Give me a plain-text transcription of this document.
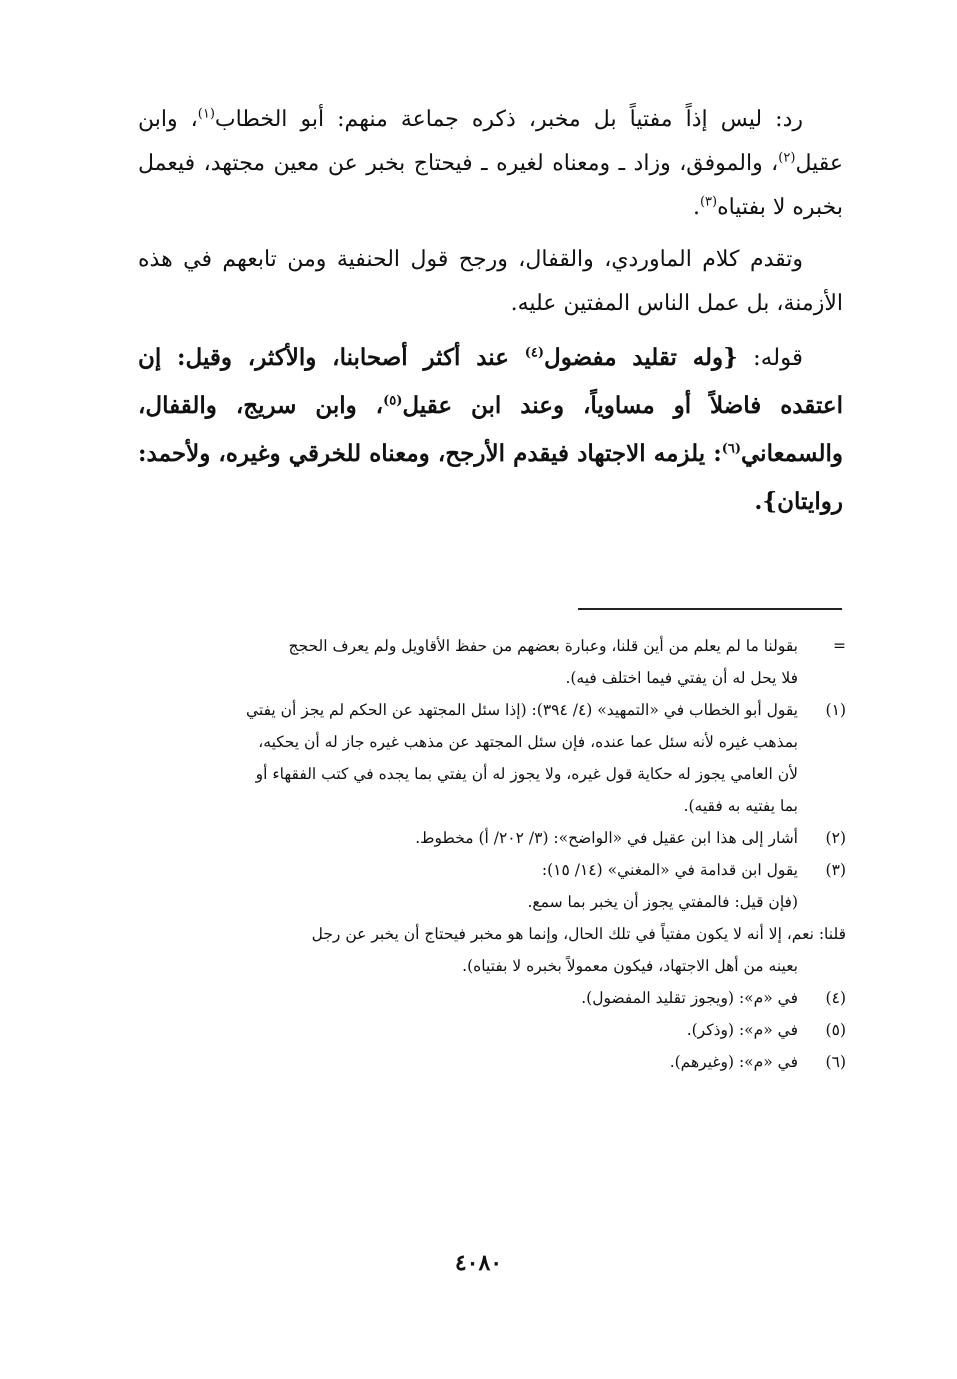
رد: ليس إذاً مفتياً بل مخبر، ذكره جماعة منهم: أبو الخطاب$^{(١)}$، وابن عقيل$^{(٢)}$، والموفق، وزاد ـ ومعناه لغيره ـ فيحتاج بخبر عن معين مجتهد، فيعمل بخبره لا بفتياه$^{(٣)}$.

وتقدم كلام الماوردي، والقفال، ورجح قول الحنفية ومن تابعهم في هذه الأزمنة، بل عمل الناس المفتين عليه.

قوله: {وله تقليد مفضول$^{(٤)}$ عند أكثر أصحابنا، والأكثر، وقيل: إن اعتقده فاضلاً أو مساوياً، وعند ابن عقيل$^{(٥)}$، وابن سريج، والقفال، والسمعاني$^{(٦)}$: يلزمه الاجتهاد فيقدم الأرجح، ومعناه للخرقي وغيره، ولأحمد: روايتان}.

=
بقولنا ما لم يعلم من أين قلنا، وعبارة بعضهم من حفظ الأقاويل ولم يعرف الحجج
فلا يحل له أن يفتي فيما اختلف فيه).
(١)
يقول أبو الخطاب في «التمهيد» (٤/ ٣٩٤): (إذا سئل المجتهد عن الحكم لم يجز أن يفتي
بمذهب غيره لأنه سئل عما عنده، فإن سئل المجتهد عن مذهب غيره جاز له أن يحكيه،
لأن العامي يجوز له حكاية قول غيره، ولا يجوز له أن يفتي بما يجده في كتب الفقهاء أو
بما يفتيه به فقيه).
(٢)
أشار إلى هذا ابن عقيل في «الواضح»: (٣/ ٢٠٢/ أ) مخطوط.
(٣)
يقول ابن قدامة في «المغني» (١٤/ ١٥):
(فإن قيل: فالمفتي يجوز أن يخبر بما سمع.
قلنا: نعم، إلا أنه لا يكون مفتياً في تلك الحال، وإنما هو مخبر فيحتاج أن يخبر عن رجل
بعينه من أهل الاجتهاد، فيكون معمولاً بخبره لا بفتياه).
(٤)
في «م»: (ويجوز تقليد المفضول).
(٥)
في «م»: (وذكر).
(٦)
في «م»: (وغيرهم).
٤٠٨٠
